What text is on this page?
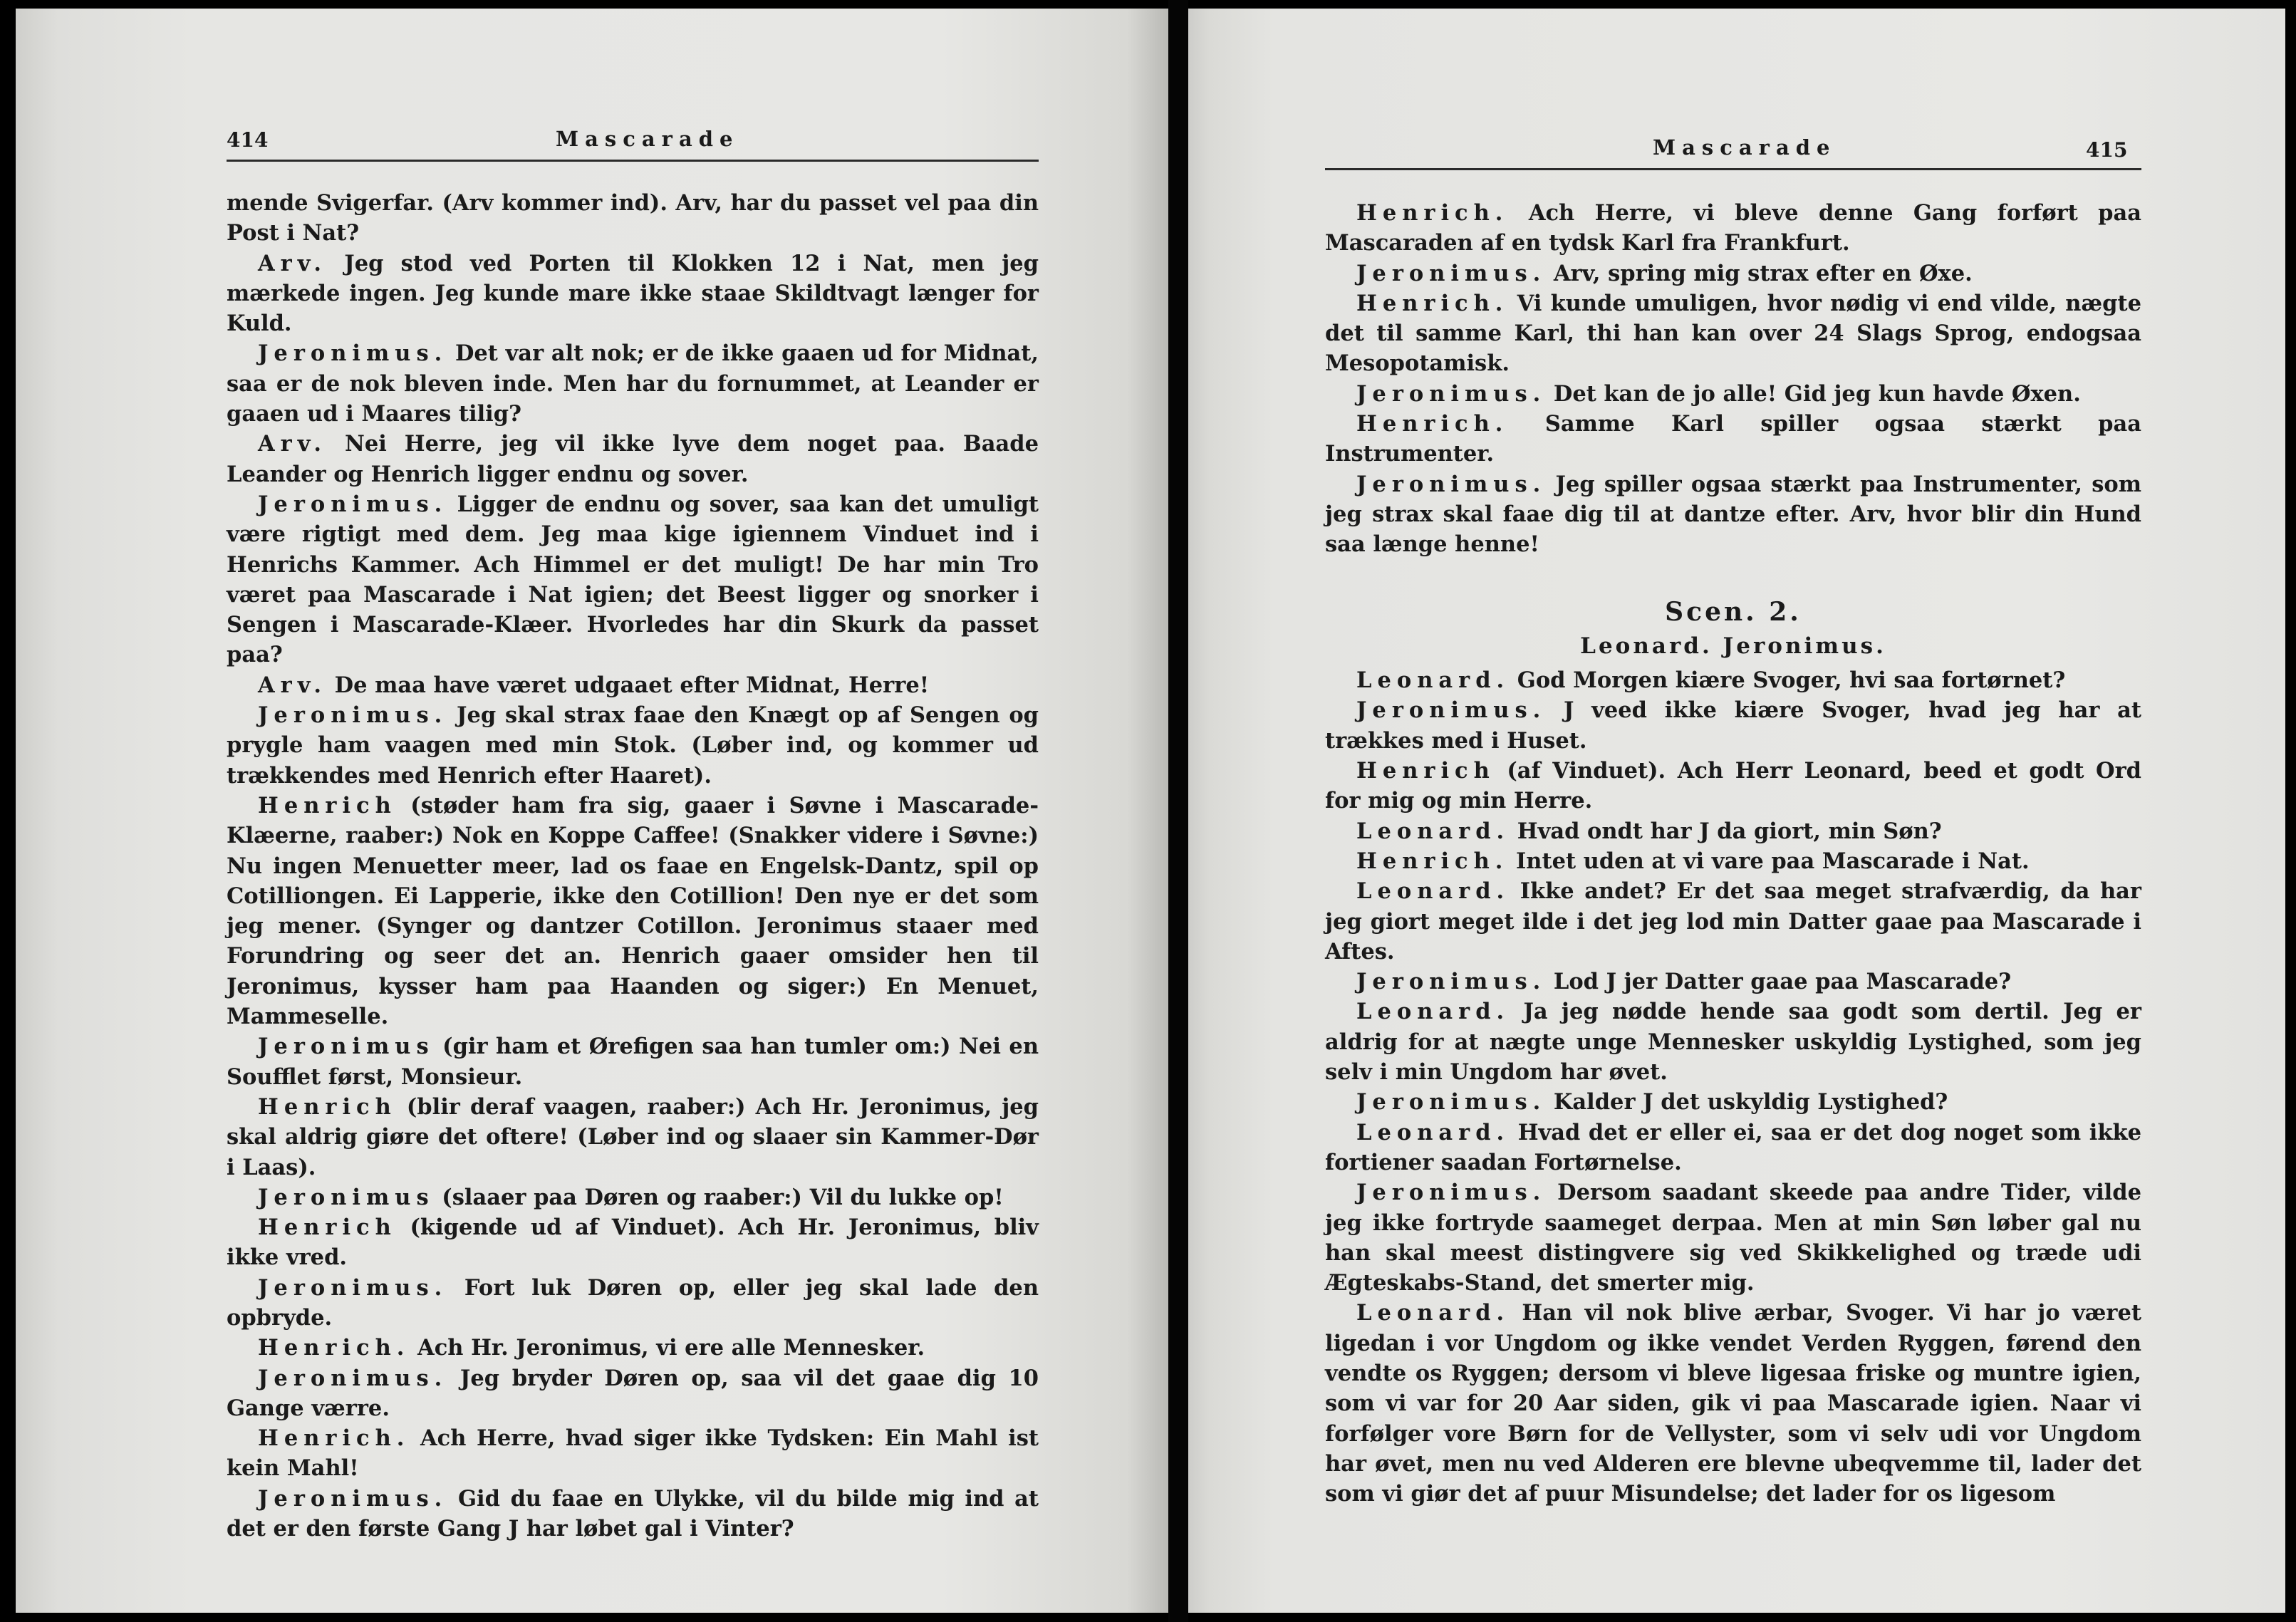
414	Mascarade

mende Svigerfar. (Arv kommer ind). Arv, har du passet vel paa din Post i Nat?

Arv. Jeg stod ved Porten til Klokken 12 i Nat, men jeg mærkede ingen. Jeg kunde mare ikke staae Skildtvagt længer for Kuld.

Jeronimus. Det var alt nok; er de ikke gaaen ud for Midnat, saa er de nok bleven inde. Men har du fornummet, at Leander er gaaen ud i Maares tilig?

Arv. Nei Herre, jeg vil ikke lyve dem noget paa. Baade Leander og Henrich ligger endnu og sover.

Jeronimus. Ligger de endnu og sover, saa kan det umuligt være rigtigt med dem. Jeg maa kige igiennem Vinduet ind i Henrichs Kammer. Ach Himmel er det muligt! De har min Tro været paa Mascarade i Nat igien; det Beest ligger og snorker i Sengen i Mascarade-Klæer. Hvorledes har din Skurk da passet paa?

Arv. De maa have været udgaaet efter Midnat, Herre!

Jeronimus. Jeg skal strax faae den Knægt op af Sengen og prygle ham vaagen med min Stok. (Løber ind, og kommer ud trækkendes med Henrich efter Haaret).

Henrich (støder ham fra sig, gaaer i Søvne i Mascarade-Klæerne, raaber:) Nok en Koppe Caffee! (Snakker videre i Søvne:) Nu ingen Menuetter meer, lad os faae en Engelsk-Dantz, spil op Cotilliongen. Ei Lapperie, ikke den Cotillion! Den nye er det som jeg mener. (Synger og dantzer Cotillon. Jeronimus staaer med Forundring og seer det an. Henrich gaaer omsider hen til Jeronimus, kysser ham paa Haanden og siger:) En Menuet, Mammeselle.

Jeronimus (gir ham et Ørefigen saa han tumler om:) Nei en Soufflet først, Monsieur.

Henrich (blir deraf vaagen, raaber:) Ach Hr. Jeronimus, jeg skal aldrig giøre det oftere! (Løber ind og slaaer sin Kammer-Dør i Laas).

Jeronimus (slaaer paa Døren og raaber:) Vil du lukke op!

Henrich (kigende ud af Vinduet). Ach Hr. Jeronimus, bliv ikke vred.

Jeronimus. Fort luk Døren op, eller jeg skal lade den opbryde.

Henrich. Ach Hr. Jeronimus, vi ere alle Mennesker.

Jeronimus. Jeg bryder Døren op, saa vil det gaae dig 10 Gange værre.

Henrich. Ach Herre, hvad siger ikke Tydsken: Ein Mahl ist kein Mahl!

Jeronimus. Gid du faae en Ulykke, vil du bilde mig ind at det er den første Gang J har løbet gal i Vinter?

Mascarade	415

Henrich. Ach Herre, vi bleve denne Gang forført paa Mascaraden af en tydsk Karl fra Frankfurt.

Jeronimus. Arv, spring mig strax efter en Øxe.

Henrich. Vi kunde umuligen, hvor nødig vi end vilde, nægte det til samme Karl, thi han kan over 24 Slags Sprog, endogsaa Mesopotamisk.

Jeronimus. Det kan de jo alle! Gid jeg kun havde Øxen.

Henrich. Samme Karl spiller ogsaa stærkt paa Instrumenter.

Jeronimus. Jeg spiller ogsaa stærkt paa Instrumenter, som jeg strax skal faae dig til at dantze efter. Arv, hvor blir din Hund saa længe henne!

Scen. 2.
Leonard. Jeronimus.

Leonard. God Morgen kiære Svoger, hvi saa fortørnet?

Jeronimus. J veed ikke kiære Svoger, hvad jeg har at trækkes med i Huset.

Henrich (af Vinduet). Ach Herr Leonard, beed et godt Ord for mig og min Herre.

Leonard. Hvad ondt har J da giort, min Søn?

Henrich. Intet uden at vi vare paa Mascarade i Nat.

Leonard. Ikke andet? Er det saa meget strafværdig, da har jeg giort meget ilde i det jeg lod min Datter gaae paa Mascarade i Aftes.

Jeronimus. Lod J jer Datter gaae paa Mascarade?

Leonard. Ja jeg nødde hende saa godt som dertil. Jeg er aldrig for at nægte unge Mennesker uskyldig Lystighed, som jeg selv i min Ungdom har øvet.

Jeronimus. Kalder J det uskyldig Lystighed?

Leonard. Hvad det er eller ei, saa er det dog noget som ikke fortiener saadan Fortørnelse.

Jeronimus. Dersom saadant skeede paa andre Tider, vilde jeg ikke fortryde saameget derpaa. Men at min Søn løber gal nu han skal meest distingvere sig ved Skikkelighed og træde udi Ægteskabs-Stand, det smerter mig.

Leonard. Han vil nok blive ærbar, Svoger. Vi har jo været ligedan i vor Ungdom og ikke vendet Verden Ryggen, førend den vendte os Ryggen; dersom vi bleve ligesaa friske og muntre igien, som vi var for 20 Aar siden, gik vi paa Mascarade igien. Naar vi forfølger vore Børn for de Vellyster, som vi selv udi vor Ungdom har øvet, men nu ved Alderen ere blevne ubeqvemme til, lader det som vi giør det af puur Misundelse; det lader for os ligesom
